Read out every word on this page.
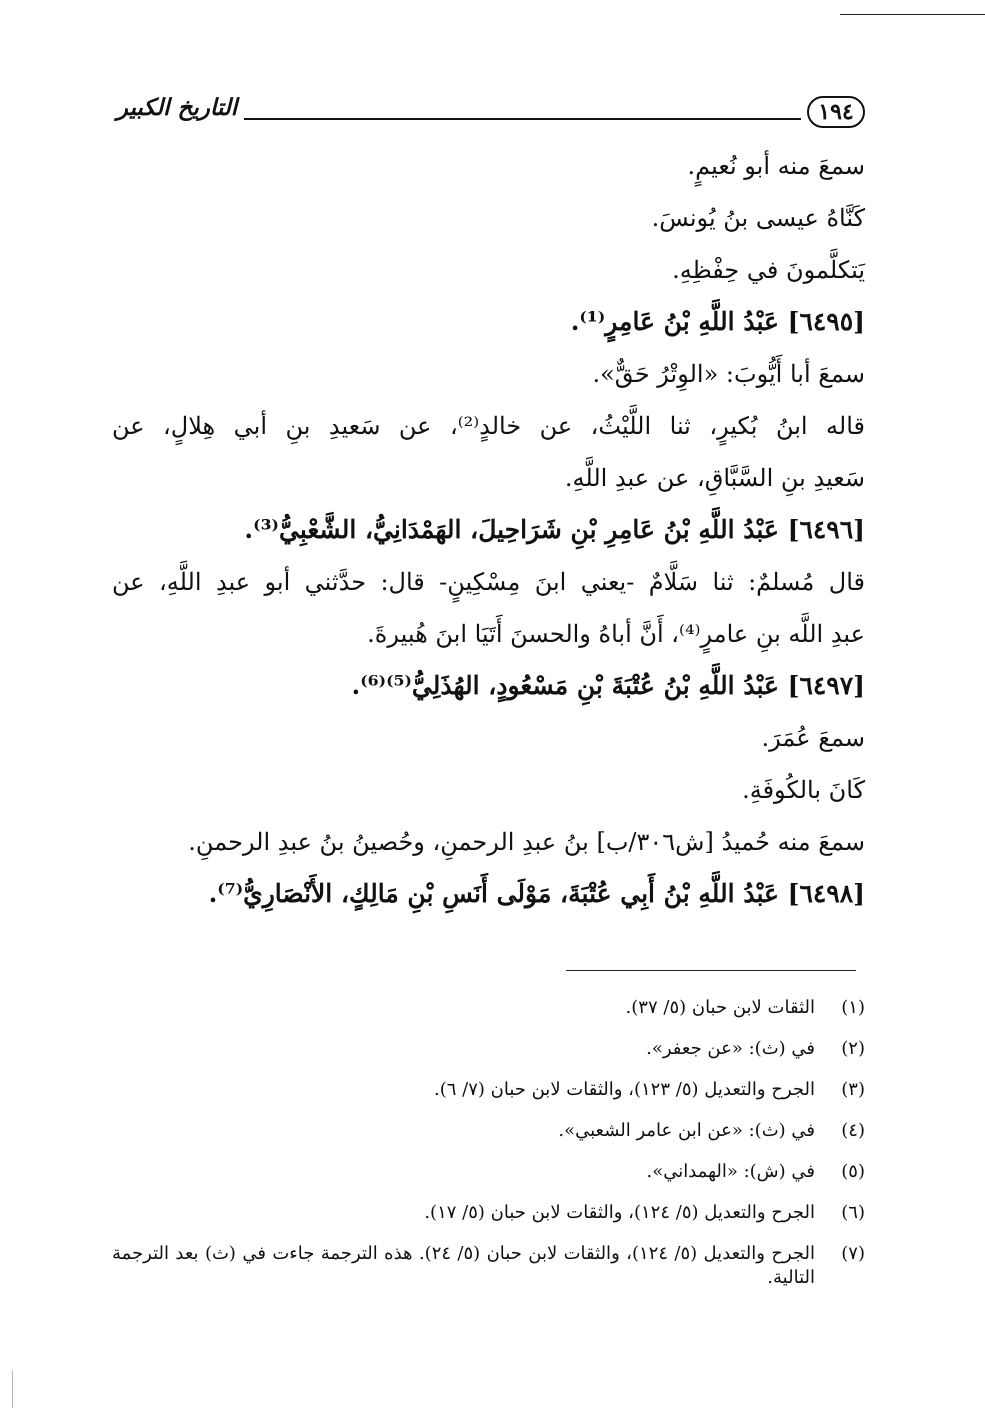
التاريخ الكبير	١٩٤
سمعَ منه أبو نُعيمٍ.
كَنَّاهُ عيسى بنُ يُونسَ.
يَتكلَّمونَ في حِفْظِهِ.
[٦٤٩٥] عَبْدُ اللَّهِ بْنُ عَامِرٍ⁽¹⁾.
سمعَ أبا أَيُّوبَ: «الوِتْرُ حَقٌّ».
قاله ابنُ بُكيرٍ، ثنا اللَّيْثُ، عن خالدٍ⁽²⁾، عن سَعيدِ بنِ أبي هِلالٍ، عن
سَعيدِ بنِ السَّبَّاقِ، عن عبدِ اللَّهِ.
[٦٤٩٦] عَبْدُ اللَّهِ بْنُ عَامِرِ بْنِ شَرَاحِيلَ، الهَمْدَانِيُّ، الشَّعْبِيُّ⁽³⁾.
قال مُسلمٌ: ثنا سَلَّامٌ -يعني ابنَ مِسْكِينٍ- قال: حدَّثني أبو عبدِ اللَّهِ، عن
عبدِ اللَّه بنِ عامرٍ⁽⁴⁾، أَنَّ أباهُ والحسنَ أَتَيَا ابنَ هُبيرةَ.
[٦٤٩٧] عَبْدُ اللَّهِ بْنُ عُتْبَةَ بْنِ مَسْعُودٍ، الهُذَلِيُّ⁽⁵⁾⁽⁶⁾.
سمعَ عُمَرَ.
كَانَ بالكُوفَةِ.
سمعَ منه حُميدُ [ش٣٠٦/ب] بنُ عبدِ الرحمنِ، وحُصينُ بنُ عبدِ الرحمنِ.
[٦٤٩٨] عَبْدُ اللَّهِ بْنُ أَبِي عُتْبَةَ، مَوْلَى أَنَسِ بْنِ مَالِكٍ، الأَنْصَارِيُّ⁽⁷⁾.
(١)
الثقات لابن حبان (٥/ ٣٧).
(٢)
في (ث): «عن جعفر».
(٣)
الجرح والتعديل (٥/ ١٢٣)، والثقات لابن حبان (٧/ ٦).
(٤)
في (ث): «عن ابن عامر الشعبي».
(٥)
في (ش): «الهمداني».
(٦)
الجرح والتعديل (٥/ ١٢٤)، والثقات لابن حبان (٥/ ١٧).
(٧)
الجرح والتعديل (٥/ ١٢٤)، والثقات لابن حبان (٥/ ٢٤). هذه الترجمة جاءت في (ث) بعد الترجمة التالية.
